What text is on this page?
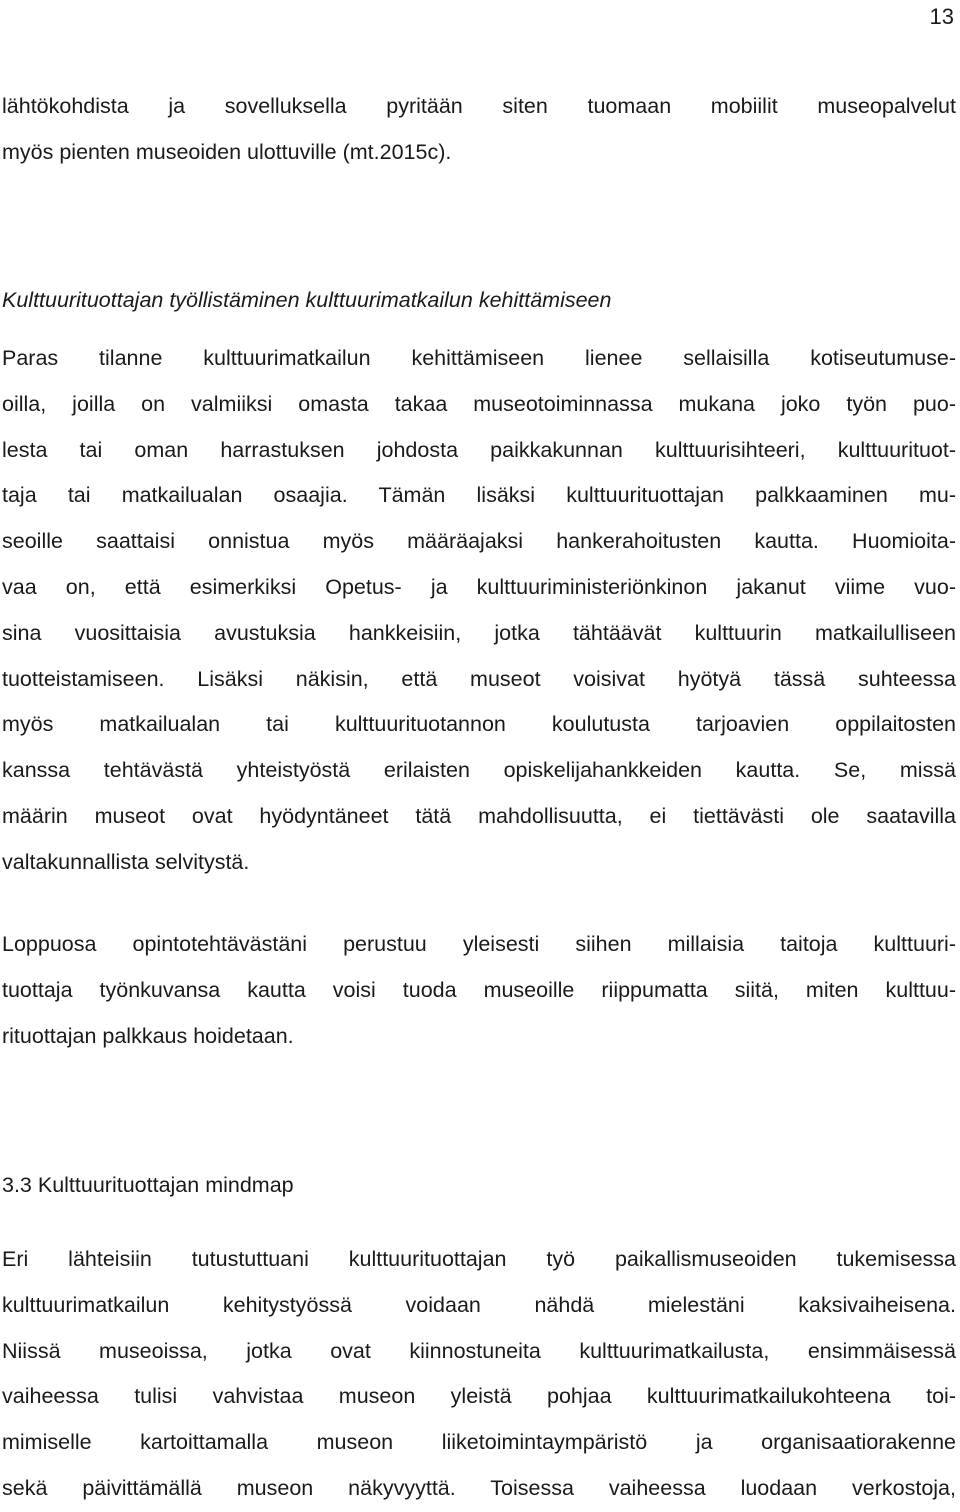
13
lähtökohdista ja sovelluksella pyritään siten tuomaan mobiilit museopalvelut
myös pienten museoiden ulottuville (mt.2015c).
Kulttuurituottajan työllistäminen kulttuurimatkailun kehittämiseen
Paras tilanne kulttuurimatkailun kehittämiseen lienee sellaisilla kotiseutumuse-
oilla, joilla on valmiiksi omasta takaa museotoiminnassa mukana joko työn puo-
lesta tai oman harrastuksen johdosta paikkakunnan kulttuurisihteeri, kulttuurituot-
taja tai matkailualan osaajia. Tämän lisäksi kulttuurituottajan palkkaaminen mu-
seoille saattaisi onnistua myös määräajaksi hankerahoitusten kautta. Huomioita-
vaa on, että esimerkiksi Opetus- ja kulttuuriministeriönkinon jakanut viime vuo-
sina vuosittaisia avustuksia hankkeisiin, jotka tähtäävät kulttuurin matkailulliseen
tuotteistamiseen. Lisäksi näkisin, että museot voisivat hyötyä tässä suhteessa
myös matkailualan tai kulttuurituotannon koulutusta tarjoavien oppilaitosten
kanssa tehtävästä yhteistyöstä erilaisten opiskelijahankkeiden kautta. Se, missä
määrin museot ovat hyödyntäneet tätä mahdollisuutta, ei tiettävästi ole saatavilla
valtakunnallista selvitystä.
Loppuosa opintotehtävästäni perustuu yleisesti siihen millaisia taitoja kulttuuri-
tuottaja työnkuvansa kautta voisi tuoda museoille riippumatta siitä, miten kulttuu-
rituottajan palkkaus hoidetaan.
3.3 Kulttuurituottajan mindmap
Eri lähteisiin tutustuttuani kulttuurituottajan työ paikallismuseoiden tukemisessa
kulttuurimatkailun kehitystyössä voidaan nähdä mielestäni kaksivaiheisena.
Niissä museoissa, jotka ovat kiinnostuneita kulttuurimatkailusta, ensimmäisessä
vaiheessa tulisi vahvistaa museon yleistä pohjaa kulttuurimatkailukohteena toi-
mimiselle kartoittamalla museon liiketoimintaympäristö ja organisaatiorakenne
sekä päivittämällä museon näkyvyyttä. Toisessa vaiheessa luodaan verkostoja,
